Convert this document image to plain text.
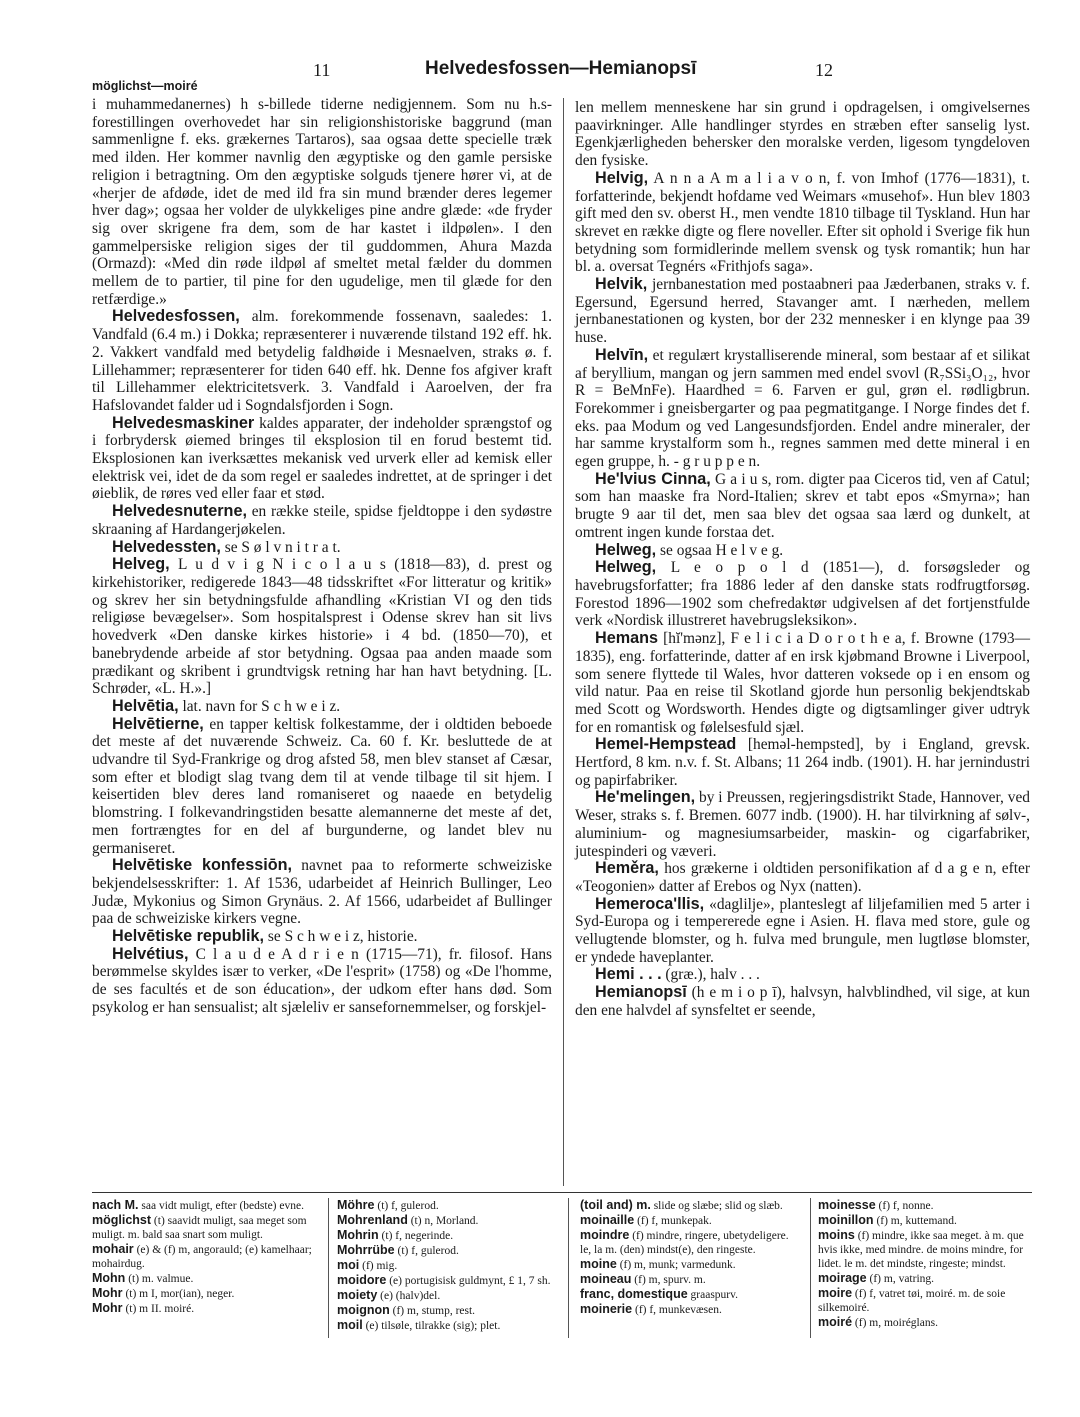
11	Helvedesfossen—Hemianopsī	12
möglichst—moiré

i muhammedanernes) h s-billede tiderne nedigjennem. Som nu h.s-forestillingen overhovedet har sin religionshistoriske baggrund (man sammenligne f. eks. grækernes Tartaros), saa ogsaa dette specielle træk med ilden. Her kommer navnlig den ægyptiske og den gamle persiske religion i betragtning. Om den ægyptiske solguds tjenere hører vi, at de «herjer de afdøde, idet de med ild fra sin mund brænder deres legemer hver dag»; ogsaa her volder de ulykkeliges pine andre glæde: «de fryder sig over skrigene fra dem, som de har kastet i ildpølen». I den gammelpersiske religion siges der til guddommen, Ahura Mazda (Ormazd): «Med din røde ildpøl af smeltet metal fælder du dommen mellem de to partier, til pine for den ugudelige, men til glæde for den retfærdige.»

Helvedesfossen, alm. forekommende fossenavn, saaledes: 1. Vandfald (6.4 m.) i Dokka; repræsenterer i nuværende tilstand 192 eff. hk. 2. Vakkert vandfald med betydelig faldhøide i Mesnaelven, straks ø. f. Lillehammer; repræsenterer for tiden 640 eff. hk. Denne fos afgiver kraft til Lillehammer elektricitetsverk. 3. Vandfald i Aaroelven, der fra Hafslovandet falder ud i Sogndalsfjorden i Sogn.

Helvedesmaskiner kaldes apparater, der indeholder sprængstof og i forbrydersk øiemed bringes til eksplosion til en forud bestemt tid. Eksplosionen kan iverksættes mekanisk ved urverk eller ad kemisk eller elektrisk vei, idet de da som regel er saaledes indrettet, at de springer i det øieblik, de røres ved eller faar et stød.

Helvedesnuterne, en række steile, spidse fjeldtoppe i den sydøstre skraaning af Hardangerjøkelen.

Helvedessten, se S ø l v n i t r a t.

Helveg, L u d v i g N i c o l a u s (1818—83), d. prest og kirkehistoriker, redigerede 1843—48 tidsskriftet «For litteratur og kritik» og skrev her sin betydningsfulde afhandling «Kristian VI og den tids religiøse bevægelser». Som hospitalsprest i Odense skrev han sit livs hovedverk «Den danske kirkes historie» i 4 bd. (1850—70), et banebrydende arbeide af stor betydning. Ogsaa paa anden maade som prædikant og skribent i grundtvigsk retning har han havt betydning. [L. Schrøder, «L. H.».]

Helvētia, lat. navn for S c h w e i z.

Helvētierne, en tapper keltisk folkestamme, der i oldtiden beboede det meste af det nuværende Schweiz. Ca. 60 f. Kr. besluttede de at udvandre til Syd-Frankrige og drog afsted 58, men blev stanset af Cæsar, som efter et blodigt slag tvang dem til at vende tilbage til sit hjem. I keisertiden blev deres land romaniseret og naaede en betydelig blomstring. I folkevandringstiden besatte alemannerne det meste af det, men fortrængtes for en del af burgunderne, og landet blev nu germaniseret.

Helvētiske konfessiōn, navnet paa to reformerte schweiziske bekjendelsesskrifter: 1. Af 1536, udarbeidet af Heinrich Bullinger, Leo Judæ, Mykonius og Simon Grynäus. 2. Af 1566, udarbeidet af Bullinger paa de schweiziske kirkers vegne.

Helvētiske republik, se S c h w e i z, historie.

Helvétius, C l a u d e A d r i e n (1715—71), fr. filosof. Hans berømmelse skyldes især to verker, «De l'esprit» (1758) og «De l'homme, de ses facultés et de son éducation», der udkom efter hans død. Som psykolog er han sensualist; alt sjæleliv er sansefornemmelser, og forskjel-

len mellem menneskene har sin grund i opdragelsen, i omgivelsernes paavirkninger. Alle handlinger styrdes en stræben efter sanselig lyst. Egenkjærligheden behersker den moralske verden, ligesom tyngdeloven den fysiske.

Helvig, A n n a A m a l i a v o n, f. von Imhof (1776—1831), t. forfatterinde, bekjendt hofdame ved Weimars «musehof». Hun blev 1803 gift med den sv. oberst H., men vendte 1810 tilbage til Tyskland. Hun har skrevet en række digte og flere noveller. Efter sit ophold i Sverige fik hun betydning som formidlerinde mellem svensk og tysk romantik; hun har bl. a. oversat Tegnérs «Frithjofs saga».

Helvik, jernbanestation med postaabneri paa Jæderbanen, straks v. f. Egersund, Egersund herred, Stavanger amt. I nærheden, mellem jernbanestationen og kysten, bor der 232 mennesker i en klynge paa 39 huse.

Helvīn, et regulært krystalliserende mineral, som bestaar af et silikat af beryllium, mangan og jern sammen med endel svovl (R₇SSi₃O₁₂, hvor R = BeMnFe). Haardhed = 6. Farven er gul, grøn el. rødligbrun. Forekommer i gneisbergarter og paa pegmatitgange. I Norge findes det f. eks. paa Modum og ved Langesundsfjorden. Endel andre mineraler, der har samme krystalform som h., regnes sammen med dette mineral i en egen gruppe, h. - g r u p p e n.

He'lvius Cinna, G a i u s, rom. digter paa Ciceros tid, ven af Catul; som han maaske fra Nord-Italien; skrev et tabt epos «Smyrna»; han brugte 9 aar til det, men saa blev det ogsaa saa lærd og dunkelt, at omtrent ingen kunde forstaa det.

Helweg, se ogsaa H e l v e g.

Helweg, L e o p o l d (1851—), d. forsøgsleder og havebrugsforfatter; fra 1886 leder af den danske stats rodfrugtforsøg. Forestod 1896—1902 som chefredaktør udgivelsen af det fortjenstfulde verk «Nordisk illustreret havebrugsleksikon».

Hemans [hĭ'mənz], F e l i c i a D o r o t h e a, f. Browne (1793—1835), eng. forfatterinde, datter af en irsk kjøbmand Browne i Liverpool, som senere flyttede til Wales, hvor datteren voksede op i en ensom og vild natur. Paa en reise til Skotland gjorde hun personlig bekjendtskab med Scott og Wordsworth. Hendes digte og digtsamlinger giver udtryk for en romantisk og følelsesfuld sjæl.

Hemel-Hempstead [heməl-hempsted], by i England, grevsk. Hertford, 8 km. n.v. f. St. Albans; 11 264 indb. (1901). H. har jernindustri og papirfabriker.

He'melingen, by i Preussen, regjeringsdistrikt Stade, Hannover, ved Weser, straks s. f. Bremen. 6077 indb. (1900). H. har tilvirkning af sølv-, aluminium- og magnesiumsarbeider, maskin- og cigarfabriker, jutespinderi og væveri.

Heměra, hos grækerne i oldtiden personifikation af d a g e n, efter «Teogonien» datter af Erebos og Nyx (natten).

Hemeroca'llis, «daglilje», planteslegt af liljefamilien med 5 arter i Syd-Europa og i tempererede egne i Asien. H. flava med store, gule og vellugtende blomster, og h. fulva med brungule, men lugtløse blomster, er yndede haveplanter.

Hemi . . . (græ.), halv . . .

Hemianopsī (h e m i o p ī), halvsyn, halvblindhed, vil sige, at kun den ene halvdel af synsfeltet er seende,

nach M. saa vidt muligt, efter (bedste) evne.

möglichst (t) saavidt muligt, saa meget som muligt. m. bald saa snart som muligt.

mohair (e) & (f) m, angorauld; (e) kamelhaar; mohairdug.

Mohn (t) m. valmue.

Mohr (t) m I, mor(ian), neger.

Mohr (t) m II. moiré.

Möhre (t) f, gulerod.

Mohrenland (t) n, Morland.

Mohrin (t) f, negerinde.

Mohrrübe (t) f, gulerod.

moi (f) mig.

moidore (e) portugisisk guldmynt, £ 1, 7 sh.

moiety (e) (halv)del.

moignon (f) m, stump, rest.

moil (e) tilsøle, tilrakke (sig); plet.

(toil and) m. slide og slæbe; slid og slæb.

moinaille (f) f, munkepak.

moindre (f) mindre, ringere, ubetydeligere. le, la m. (den) mindst(e), den ringeste.

moine (f) m, munk; varmedunk.

moineau (f) m, spurv. m.

franc, domestique graaspurv.

moinerie (f) f, munkevæsen.

moinesse (f) f, nonne.

moinillon (f) m, kuttemand.

moins (f) mindre, ikke saa meget. à m. que hvis ikke, med mindre. de moins mindre, for lidet. le m. det mindste, ringeste; mindst.

moirage (f) m, vatring.

moire (f) f, vatret tøi, moiré. m. de soie silkemoiré.

moiré (f) m, moiréglans.
